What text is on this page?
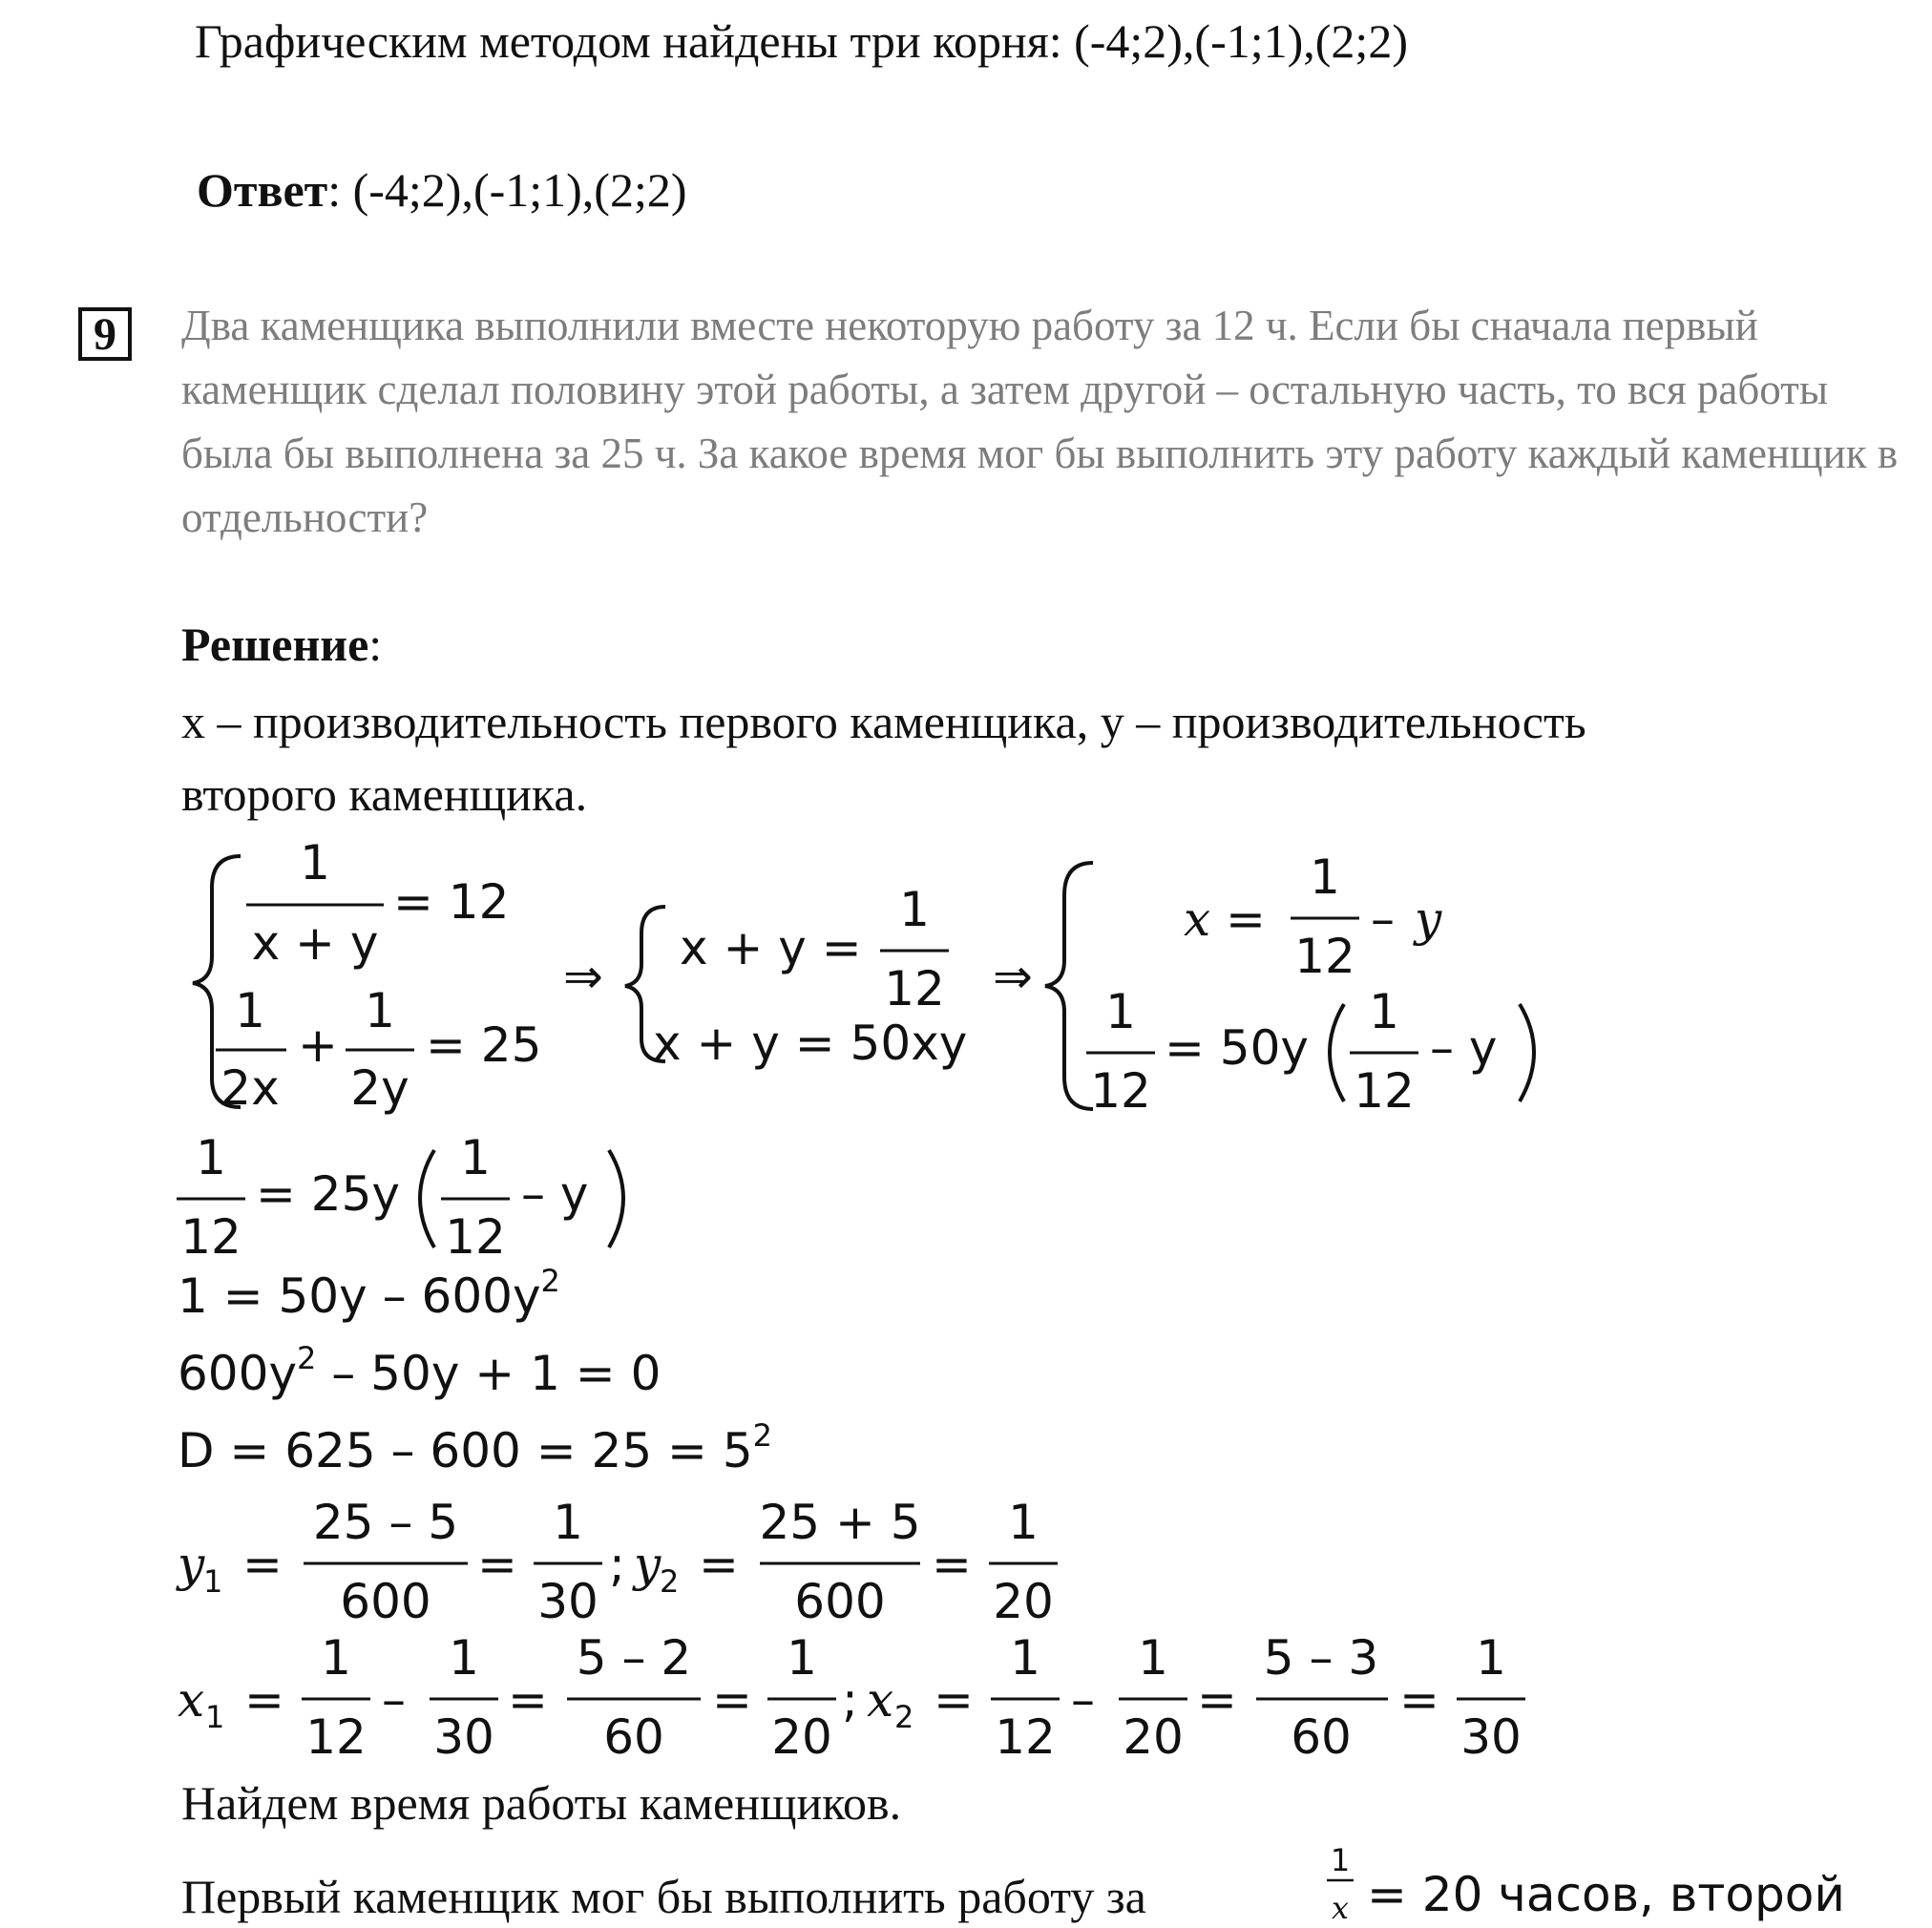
Графическим методом найдены три корня: (-4;2),(-1;1),(2;2)
Ответ: (-4;2),(-1;1),(2;2)
9	Два каменщика выполнили вместе некоторую работу за 12 ч. Если бы сначала первый каменщик сделал половину этой работы, а затем другой – остальную часть, то вся работы была бы выполнена за 25 ч. За какое время мог бы выполнить эту работу каждый каменщик в отдельности?
Решение:
x – производительность первого каменщика, y – производительность
второго каменщика.
1
x + y
= 12
1
2x
+
1
2y
= 25
⇒
x + y =
1
12
x + y = 50xy
⇒
x =
1
12
– y
1
12
= 50y
1
12
– y
1
12
= 25y
1
12
– y
$1 = 50y - 600y^2$
$600y^2 - 50y + 1 = 0$
$D = 625 - 600 = 25 = 5^2$
y
1 =
25 – 5
600
=
1
30
; y
2 =
25 + 5
600
=
1
20
x 1 =
1
12
–
1
30
=
5 – 2
60
=
1
20
; x 2 =
1
12
–
1
20
=
5 – 3
60
=
1
30
1
x
Найдем время работы каменщиков.
Первый каменщик мог бы выполнить работу за	= 20 часов, второй
